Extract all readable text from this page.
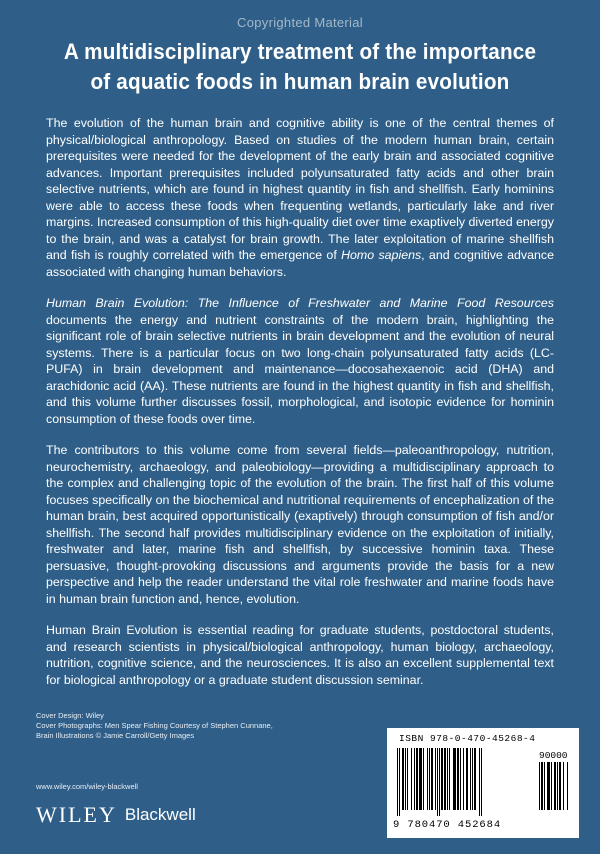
Copyrighted Material
A multidisciplinary treatment of the importance
of aquatic foods in human brain evolution

The evolution of the human brain and cognitive ability is one of the central themes of physical/biological anthropology. Based on studies of the modern human brain, certain prerequisites were needed for the development of the early brain and associated cognitive advances. Important prerequisites included polyunsaturated fatty acids and other brain selective nutrients, which are found in highest quantity in fish and shellfish. Early hominins were able to access these foods when frequenting wetlands, particularly lake and river margins. Increased consumption of this high-quality diet over time exaptively diverted energy to the brain, and was a catalyst for brain growth. The later exploitation of marine shellfish and fish is roughly correlated with the emergence of Homo sapiens, and cognitive advance associated with changing human behaviors.

Human Brain Evolution: The Influence of Freshwater and Marine Food Resources documents the energy and nutrient constraints of the modern brain, highlighting the significant role of brain selective nutrients in brain development and the evolution of neural systems. There is a particular focus on two long-chain polyunsaturated fatty acids (LC-PUFA) in brain development and maintenance—docosahexaenoic acid (DHA) and arachidonic acid (AA). These nutrients are found in the highest quantity in fish and shellfish, and this volume further discusses fossil, morphological, and isotopic evidence for hominin consumption of these foods over time.

The contributors to this volume come from several fields—paleoanthropology, nutrition, neurochemistry, archaeology, and paleobiology—providing a multidisciplinary approach to the complex and challenging topic of the evolution of the brain. The first half of this volume focuses specifically on the biochemical and nutritional requirements of encephalization of the human brain, best acquired opportunistically (exaptively) through consumption of fish and/or shellfish. The second half provides multidisciplinary evidence on the exploitation of initially, freshwater and later, marine fish and shellfish, by successive hominin taxa. These persuasive, thought-provoking discussions and arguments provide the basis for a new perspective and help the reader understand the vital role freshwater and marine foods have in human brain function and, hence, evolution.

Human Brain Evolution is essential reading for graduate students, postdoctoral students, and research scientists in physical/biological anthropology, human biology, archaeology, nutrition, cognitive science, and the neurosciences. It is also an excellent supplemental text for biological anthropology or a graduate student discussion seminar.

Cover Design: Wiley
Cover Photographs: Men Spear Fishing Courtesy of Stephen Cunnane,
Brain Illustrations © Jamie Carroll/Getty Images
www.wiley.com/wiley-blackwell
WILEY Blackwell
ISBN 978-0-470-45268-4
90000
9 780470 452684
